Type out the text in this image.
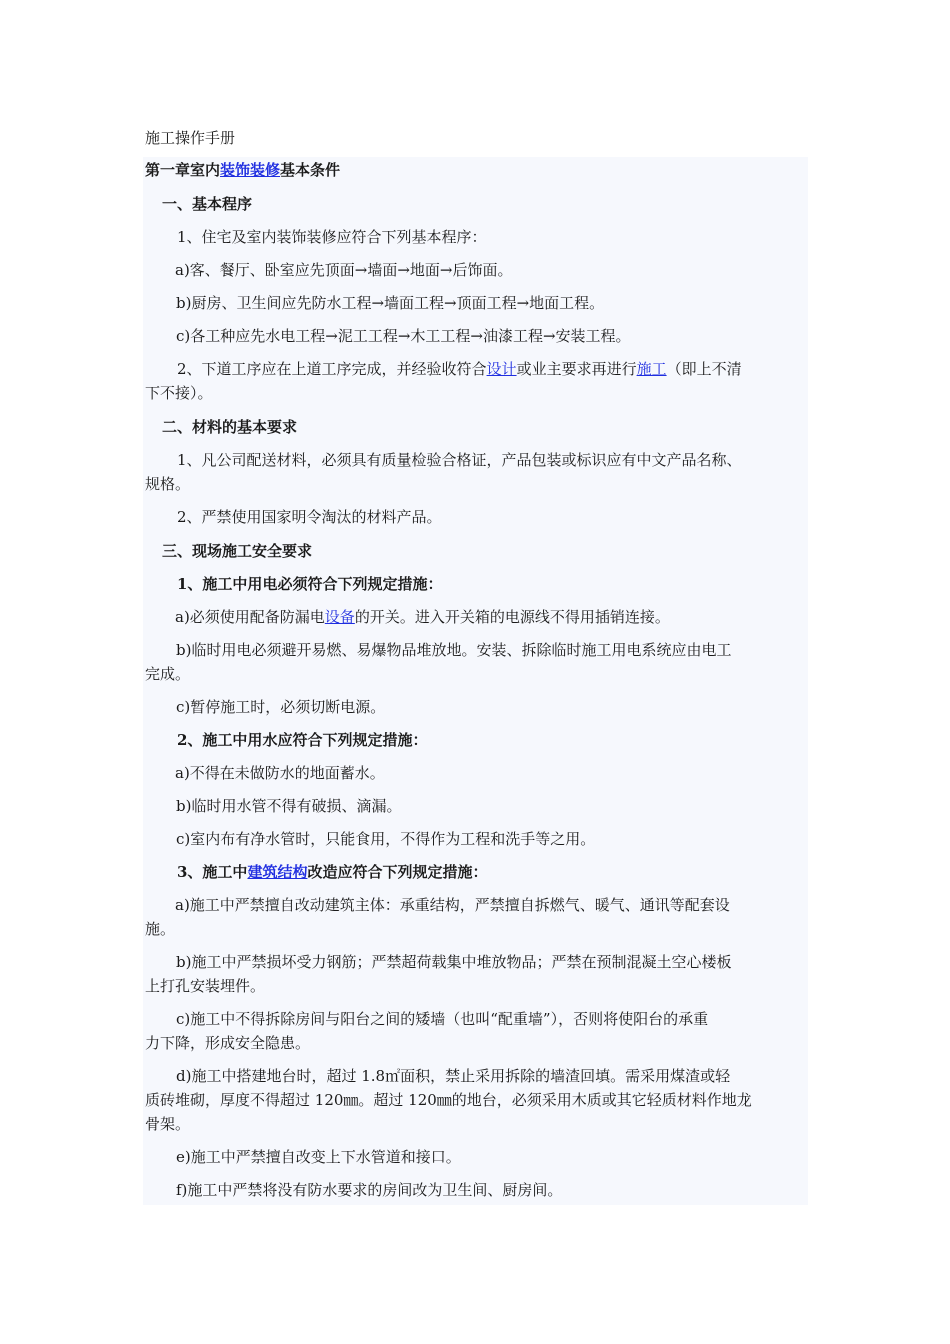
施工操作手册

第一章室内装饰装修基本条件

一、基本程序

1、住宅及室内装饰装修应符合下列基本程序：

a)客、餐厅、卧室应先顶面→墙面→地面→后饰面。

b)厨房、卫生间应先防水工程→墙面工程→顶面工程→地面工程。

c)各工种应先水电工程→泥工工程→木工工程→油漆工程→安装工程。

2、下道工序应在上道工序完成，并经验收符合设计或业主要求再进行施工（即上不清

下不接）。

二、材料的基本要求

1、凡公司配送材料，必须具有质量检验合格证，产品包装或标识应有中文产品名称、

规格。

2、严禁使用国家明令淘汰的材料产品。

三、现场施工安全要求

1、施工中用电必须符合下列规定措施：

a)必须使用配备防漏电设备的开关。进入开关箱的电源线不得用插销连接。

b)临时用电必须避开易燃、易爆物品堆放地。安装、拆除临时施工用电系统应由电工

完成。

c)暂停施工时，必须切断电源。

2、施工中用水应符合下列规定措施：

a)不得在未做防水的地面蓄水。

b)临时用水管不得有破损、滴漏。

c)室内布有净水管时，只能食用，不得作为工程和洗手等之用。

3、施工中建筑结构改造应符合下列规定措施：

a)施工中严禁擅自改动建筑主体：承重结构，严禁擅自拆燃气、暖气、通讯等配套设

施。

b)施工中严禁损坏受力钢筋；严禁超荷载集中堆放物品；严禁在预制混凝土空心楼板

上打孔安装埋件。

c)施工中不得拆除房间与阳台之间的矮墙（也叫“配重墙”），否则将使阳台的承重

力下降，形成安全隐患。

d)施工中搭建地台时，超过 1.8㎡面积，禁止采用拆除的墙渣回填。需采用煤渣或轻

质砖堆砌，厚度不得超过 120㎜。超过 120㎜的地台，必须采用木质或其它轻质材料作地龙

骨架。

e)施工中严禁擅自改变上下水管道和接口。

f)施工中严禁将没有防水要求的房间改为卫生间、厨房间。
